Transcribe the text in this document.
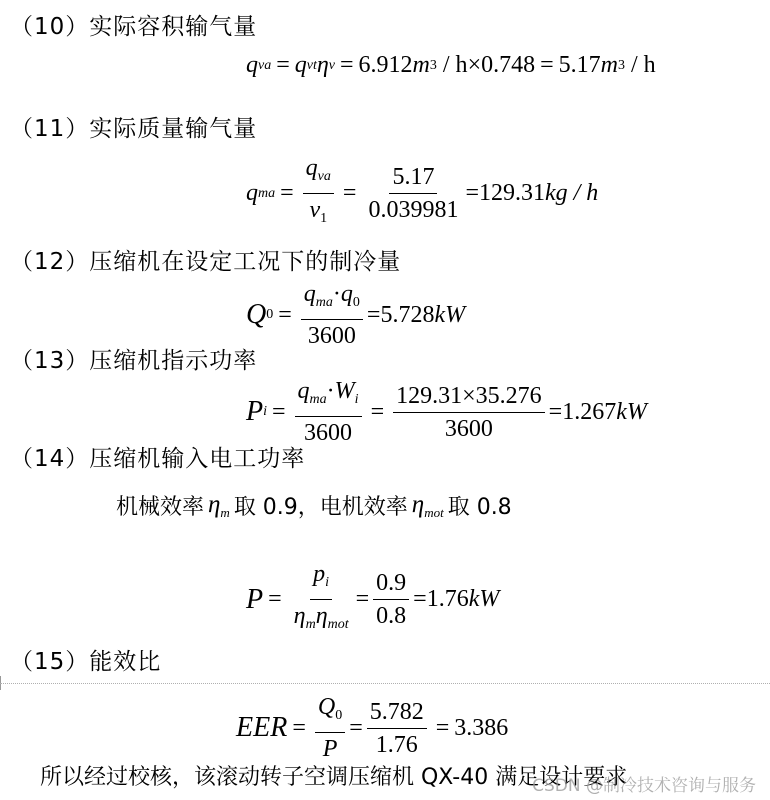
（10）实际容积输气量
q va = q vt η v = 6.912 m 3 / h × 0.748 = 5.17 m 3 / h
（11）实际质量输气量
q ma = $\frac{q_{va}}{v_1} = \frac{5.17}{0.039981} = 129.31$ kg / h
（12）压缩机在设定工况下的制冷量
Q $0 = \frac{q_{ma}\cdot q_0}{3600} = 5.728$ kW
（13）压缩机指示功率
P $i = \frac{q_{ma}\cdot W_i}{3600} = \frac{129.31\times 35.276}{3600} = 1.267$ kW
（14）压缩机输入电工功率
机械效率 $\eta_m$ 取 0.9，电机效率 $\eta_{mot}$ 取 0.8
$P = \frac{p_i}{\eta_m\eta_{mot}} = \frac{0.9}{0.8} = 1.76$ kW
（15）能效比
EER = $\frac{Q_0}{P} = \frac{5.782}{1.76} = 3.386$
所以经过校核，该滚动转子空调压缩机 QX-40 满足设计要求
CSDN @制冷技术咨询与服务
